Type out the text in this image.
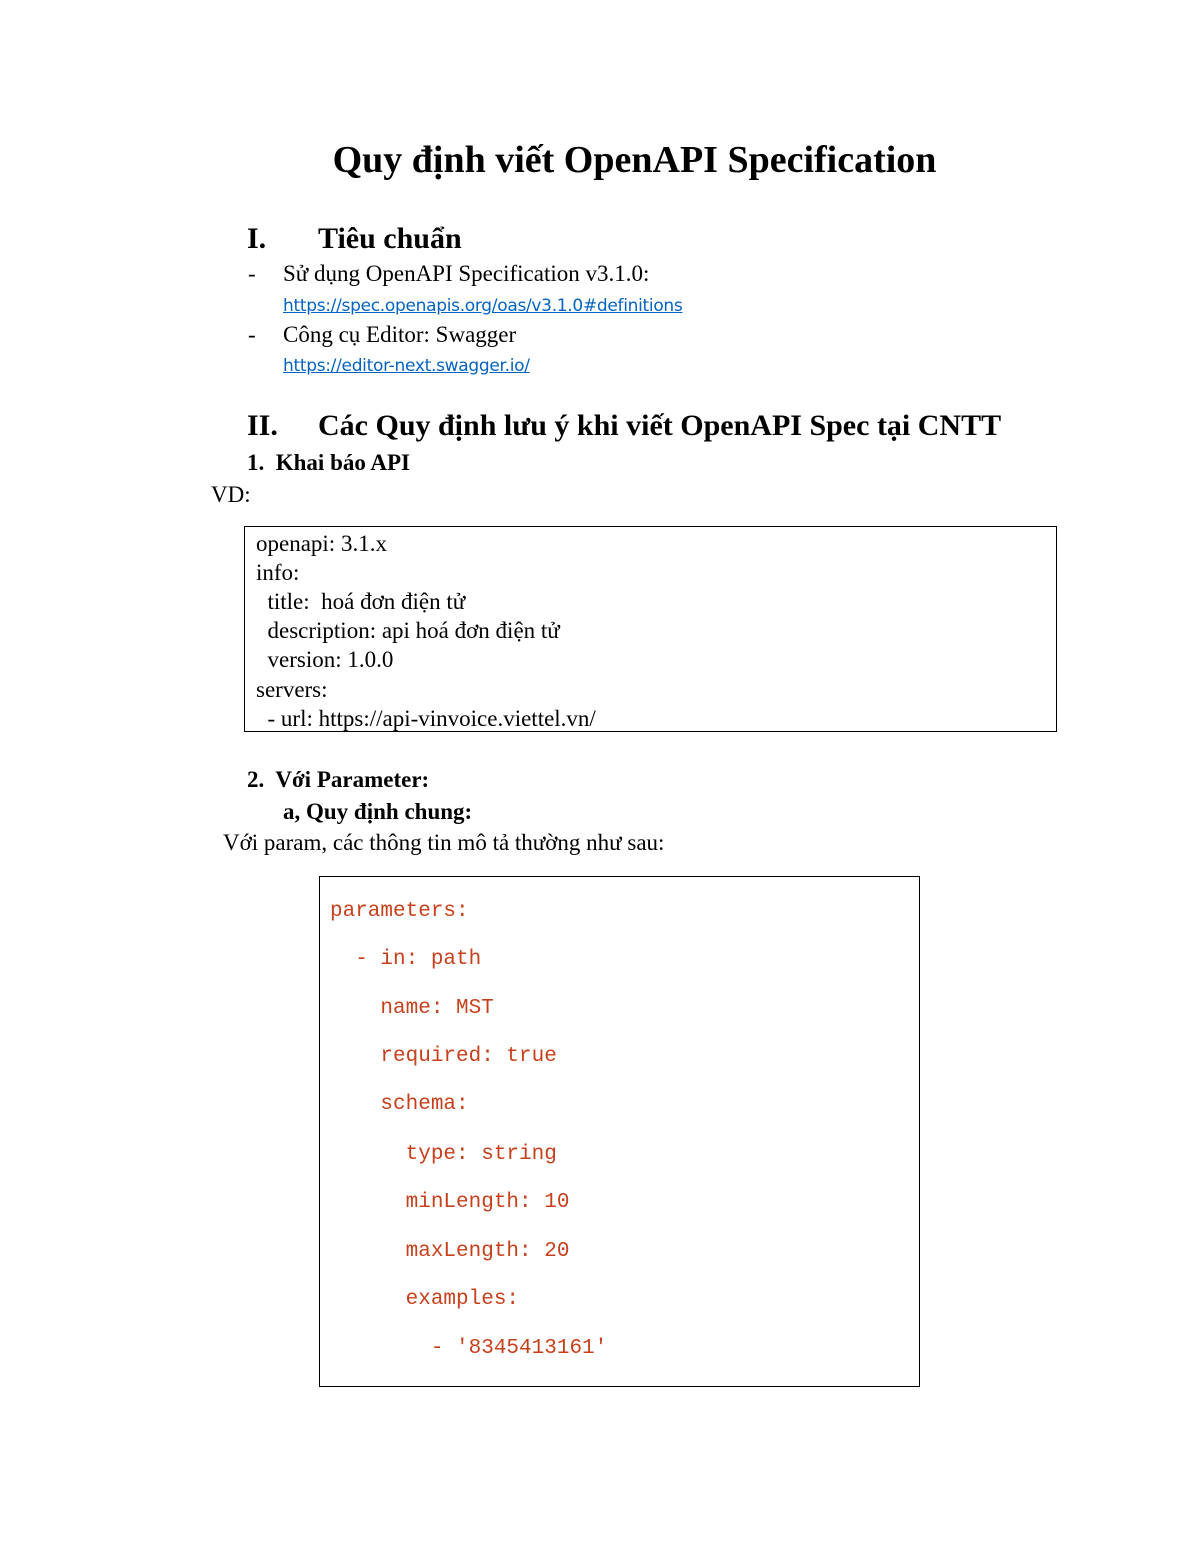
Quy định viết OpenAPI Specification
I. Tiêu chuẩn
- Sử dụng OpenAPI Specification v3.1.0:
https://spec.openapis.org/oas/v3.1.0#definitions
- Công cụ Editor: Swagger
https://editor-next.swagger.io/
II. Các Quy định lưu ý khi viết OpenAPI Spec tại CNTT
1.  Khai báo API
VD:
openapi: 3.1.x
info:
title:  hoá đơn điện tử
description: api hoá đơn điện tử
version: 1.0.0
servers:
- url: https://api-vinvoice.viettel.vn/
2.  Với Parameter:
a, Quy định chung:
Với param, các thông tin mô tả thường như sau:
parameters:
- in: path
name: MST
required: true
schema:
type: string
minLength: 10
maxLength: 20
examples:
- '8345413161'
